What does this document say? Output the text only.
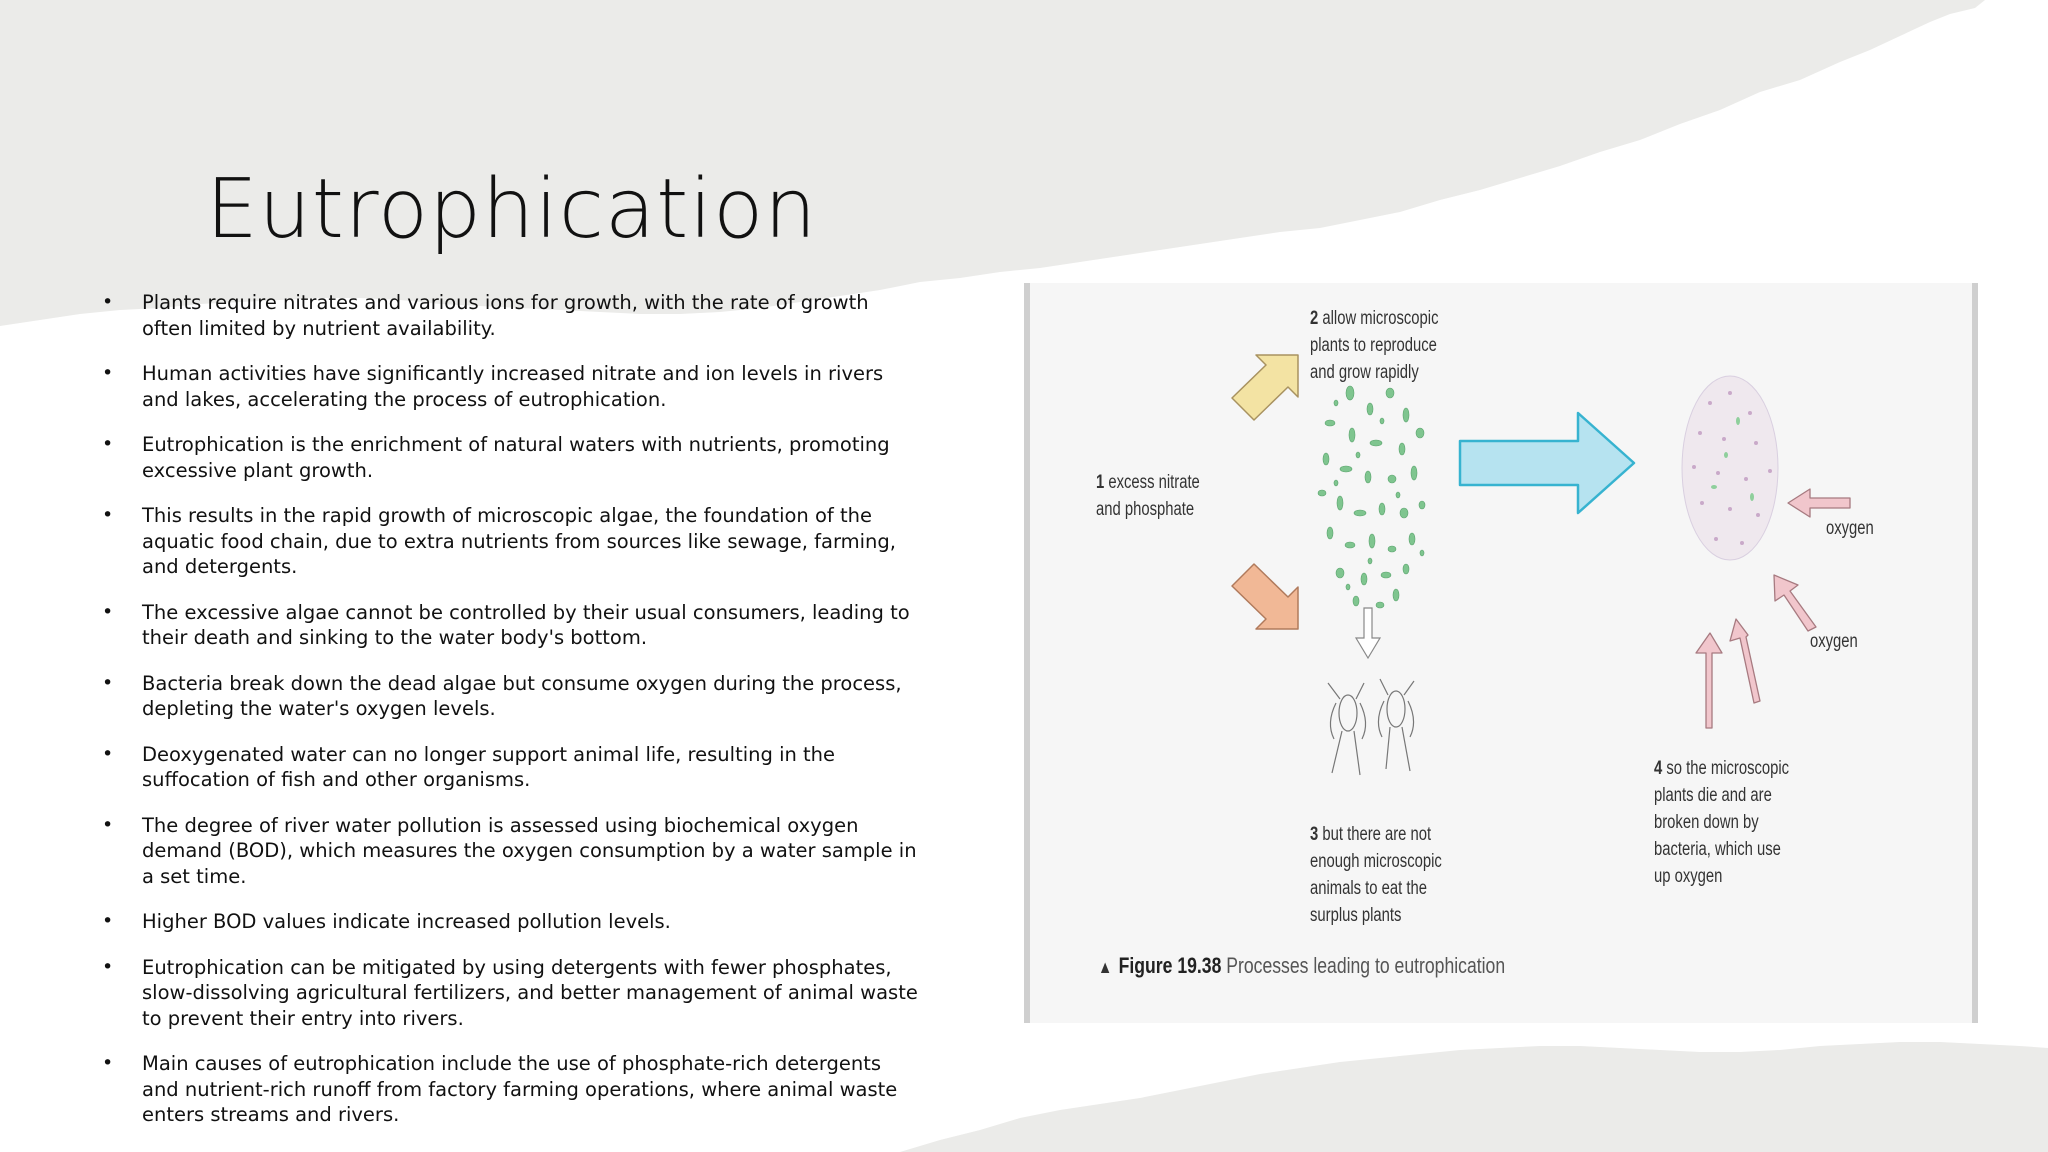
Eutrophication
• Plants require nitrates and various ions for growth, with the rate of growth often limited by nutrient availability.
• Human activities have significantly increased nitrate and ion levels in rivers and lakes, accelerating the process of eutrophication.
• Eutrophication is the enrichment of natural waters with nutrients, promoting excessive plant growth.
• This results in the rapid growth of microscopic algae, the foundation of the aquatic food chain, due to extra nutrients from sources like sewage, farming, and detergents.
• The excessive algae cannot be controlled by their usual consumers, leading to their death and sinking to the water body's bottom.
• Bacteria break down the dead algae but consume oxygen during the process, depleting the water's oxygen levels.
• Deoxygenated water can no longer support animal life, resulting in the suffocation of fish and other organisms.
• The degree of river water pollution is assessed using biochemical oxygen demand (BOD), which measures the oxygen consumption by a water sample in a set time.
• Higher BOD values indicate increased pollution levels.
• Eutrophication can be mitigated by using detergents with fewer phosphates, slow-dissolving agricultural fertilizers, and better management of animal waste to prevent their entry into rivers.
• Main causes of eutrophication include the use of phosphate-rich detergents and nutrient-rich runoff from factory farming operations, where animal waste enters streams and rivers.
1 excess nitrate
and phosphate
2 allow microscopic
plants to reproduce
and grow rapidly
3 but there are not
enough microscopic
animals to eat the
surplus plants
4 so the microscopic
plants die and are
broken down by
bacteria, which use
up oxygen
oxygen
oxygen
▲ Figure 19.38 Processes leading to eutrophication
